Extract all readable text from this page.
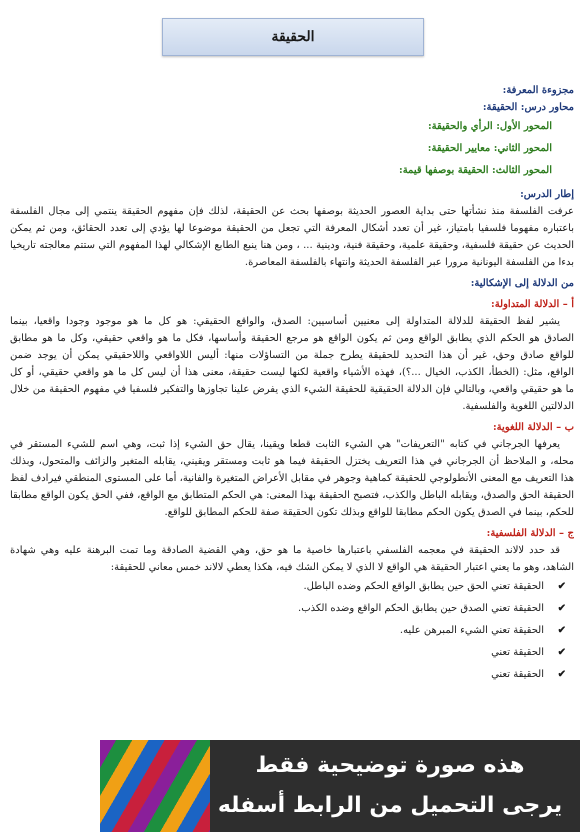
الحقيقة
مجزوءة المعرفة:
محاور درس: الحقيقة:
المحور الأول: الرأي والحقيقة:
المحور الثاني: معايير الحقيقة:
المحور الثالث: الحقيقة بوصفها قيمة:
إطار الدرس:
عرفت الفلسفة منذ نشأتها حتى بداية العصور الحديثة بوصفها بحث عن الحقيقة، لذلك فإن مفهوم الحقيقة ينتمي إلى مجال الفلسفة
باعتباره مفهوما فلسفيا بامتياز، غير أن تعدد أشكال المعرفة التي تجعل من الحقيقة موضوعا لها يؤدي إلى تعدد الحقائق، ومن ثم يمكن
الحديث عن حقيقة فلسفية، وحقيقة علمية، وحقيقة فنية، ودينية ... ، ومن هنا ينبع الطابع الإشكالي لهذا المفهوم التي ستتم معالجته تاريخيا
بدءا من الفلسفة اليونانية مرورا عبر الفلسفة الحديثة وانتهاء بالفلسفة المعاصرة.
من الدلالة إلى الإشكالية:
أ – الدلالة المتداولة:
يشير لفظ الحقيقة للدلالة المتداولة إلى معنيين أساسيين: الصدق، والواقع الحقيقي: هو كل ما هو موجود وجودا واقعيا، بينما
الصادق هو الحكم الذي يطابق الواقع ومن ثم يكون الواقع هو مرجع الحقيقة وأساسها، فكل ما هو واقعي حقيقي، وكل ما هو مطابق
للواقع صادق وحق، غير أن هذا التحديد للحقيقة يطرح جملة من التساؤلات منها: أليس اللاواقعي واللاحقيقي يمكن أن يوجد ضمن
الواقع، مثل: (الخطأ، الكذب، الخيال ...؟)، فهذه الأشياء واقعية لكنها ليست حقيقة، معنى هذا أن ليس كل ما هو واقعي حقيقي، أو كل
ما هو حقيقي واقعي، وبالتالي فإن الدلالة الحقيقية للحقيقة الشيء الذي يفرض علينا تجاوزها والتفكير فلسفيا في مفهوم الحقيقة من خلال
الدلالتين اللغوية والفلسفية.
ب – الدلالة اللغوية:
يعرفها الجرجاني في كتابه "التعريفات" هي الشيء الثابت قطعا ويقينا، يقال حق الشيء إذا ثبت، وهي اسم للشيء المستقر في
محله، و الملاحظ أن الجرجاني في هذا التعريف يختزل الحقيقة فيما هو ثابت ومستقر ويقيني، يقابله المتغير والزائف والمتحول، وبذلك
هذا التعريف مع المعنى الأنطولوجي للحقيقة كماهية وجوهر في مقابل الأعراض المتغيرة والفانية، أما على المستوى المنطقي فيرادف لفظ
الحقيقة الحق والصدق، ويقابله الباطل والكذب، فتصبح الحقيقة بهذا المعنى: هي الحكم المتطابق مع الواقع، ففي الحق يكون الواقع مطابقا
للحكم، بينما في الصدق يكون الحكم مطابقا للواقع وبذلك تكون الحقيقة صفة للحكم المطابق للواقع.
ج – الدلالة الفلسفية:
قد حدد لالاند الحقيقة في معجمه الفلسفي باعتبارها خاصية ما هو حق، وهي القضية الصادقة وما تمت البرهنة عليه وهي شهادة
الشاهد، وهو ما يعني اعتبار الحقيقة هي الواقع لا الذي لا يمكن الشك فيه، هكذا يعطي لالاند خمس معاني للحقيقة:
✔الحقيقة تعني الحق حين يطابق الواقع الحكم وضده الباطل.
✔الحقيقة تعني الصدق حين يطابق الحكم الواقع وضده الكذب.
✔الحقيقة تعني الشيء المبرهن عليه.
✔الحقيقة تعني
✔الحقيقة تعني
هذه صورة توضيحية فقط
يرجى التحميل من الرابط أسفله
